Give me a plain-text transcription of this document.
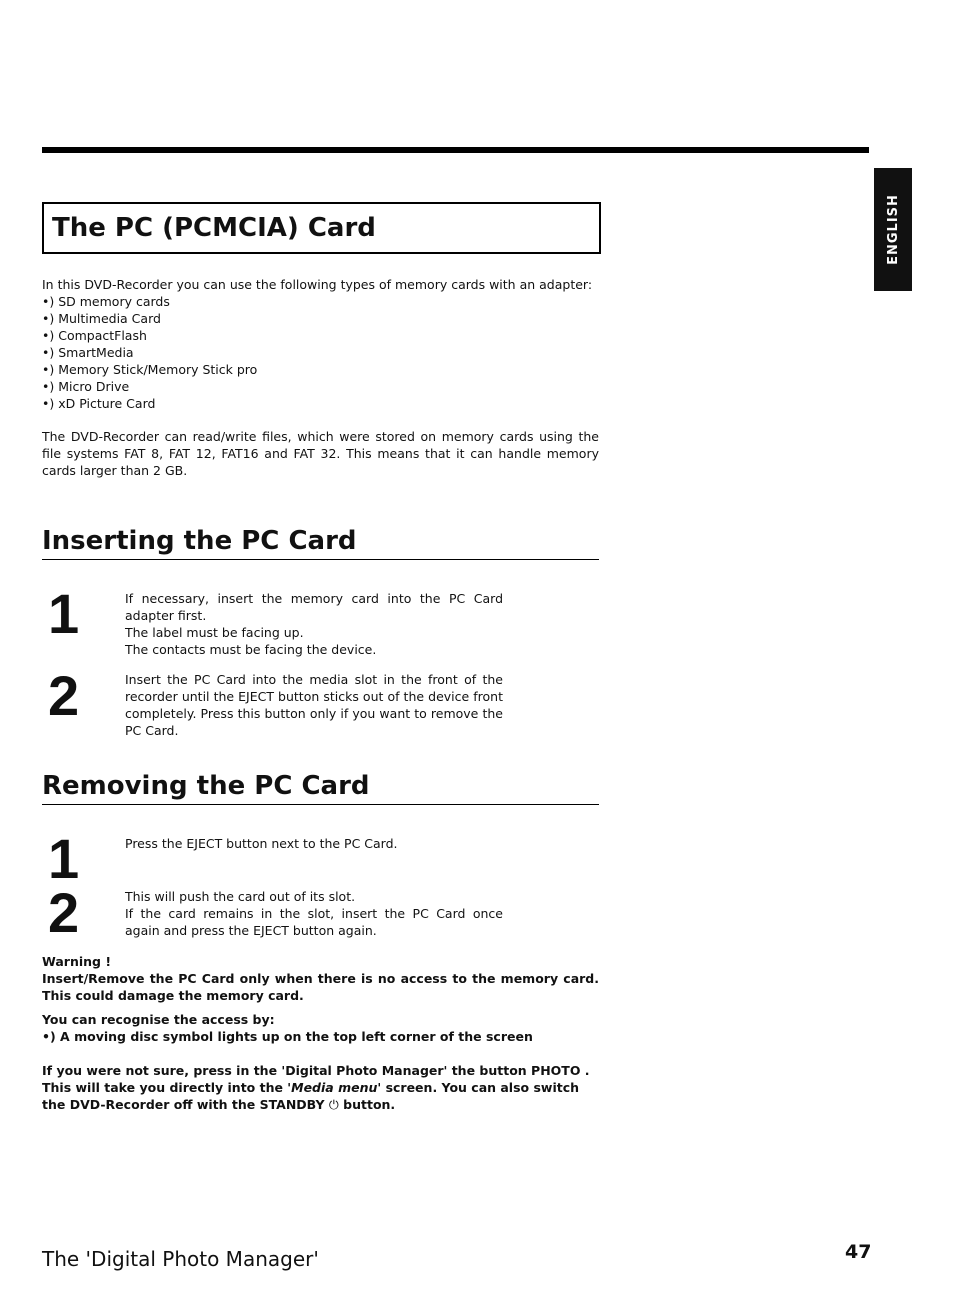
ENGLISH
The PC (PCMCIA) Card
In this DVD-Recorder you can use the following types of memory cards with an adapter:
•) SD memory cards
•) Multimedia Card
•) CompactFlash
•) SmartMedia
•) Memory Stick/Memory Stick pro
•) Micro Drive
•) xD Picture Card
The DVD-Recorder can read/write files, which were stored on memory cards using the file systems FAT 8, FAT 12, FAT16 and FAT 32. This means that it can handle memory cards larger than 2 GB.
Inserting the PC Card
1	If necessary, insert the memory card into the PC Card adapter first.
The label must be facing up.
The contacts must be facing the device.
2	Insert the PC Card into the media slot in the front of the recorder until the EJECT button sticks out of the device front completely. Press this button only if you want to remove the PC Card.
Removing the PC Card
1	Press the EJECT button next to the PC Card.
2	This will push the card out of its slot.
If the card remains in the slot, insert the PC Card once again and press the EJECT button again.
Warning !
Insert/Remove the PC Card only when there is no access to the memory card. This could damage the memory card.
You can recognise the access by:
•) A moving disc symbol lights up on the top left corner of the screen
If you were not sure, press in the 'Digital Photo Manager' the button PHOTO . This will take you directly into the 'Media menu' screen. You can also switch the DVD-Recorder off with the STANDBY ⏻ button.
The 'Digital Photo Manager'	47
